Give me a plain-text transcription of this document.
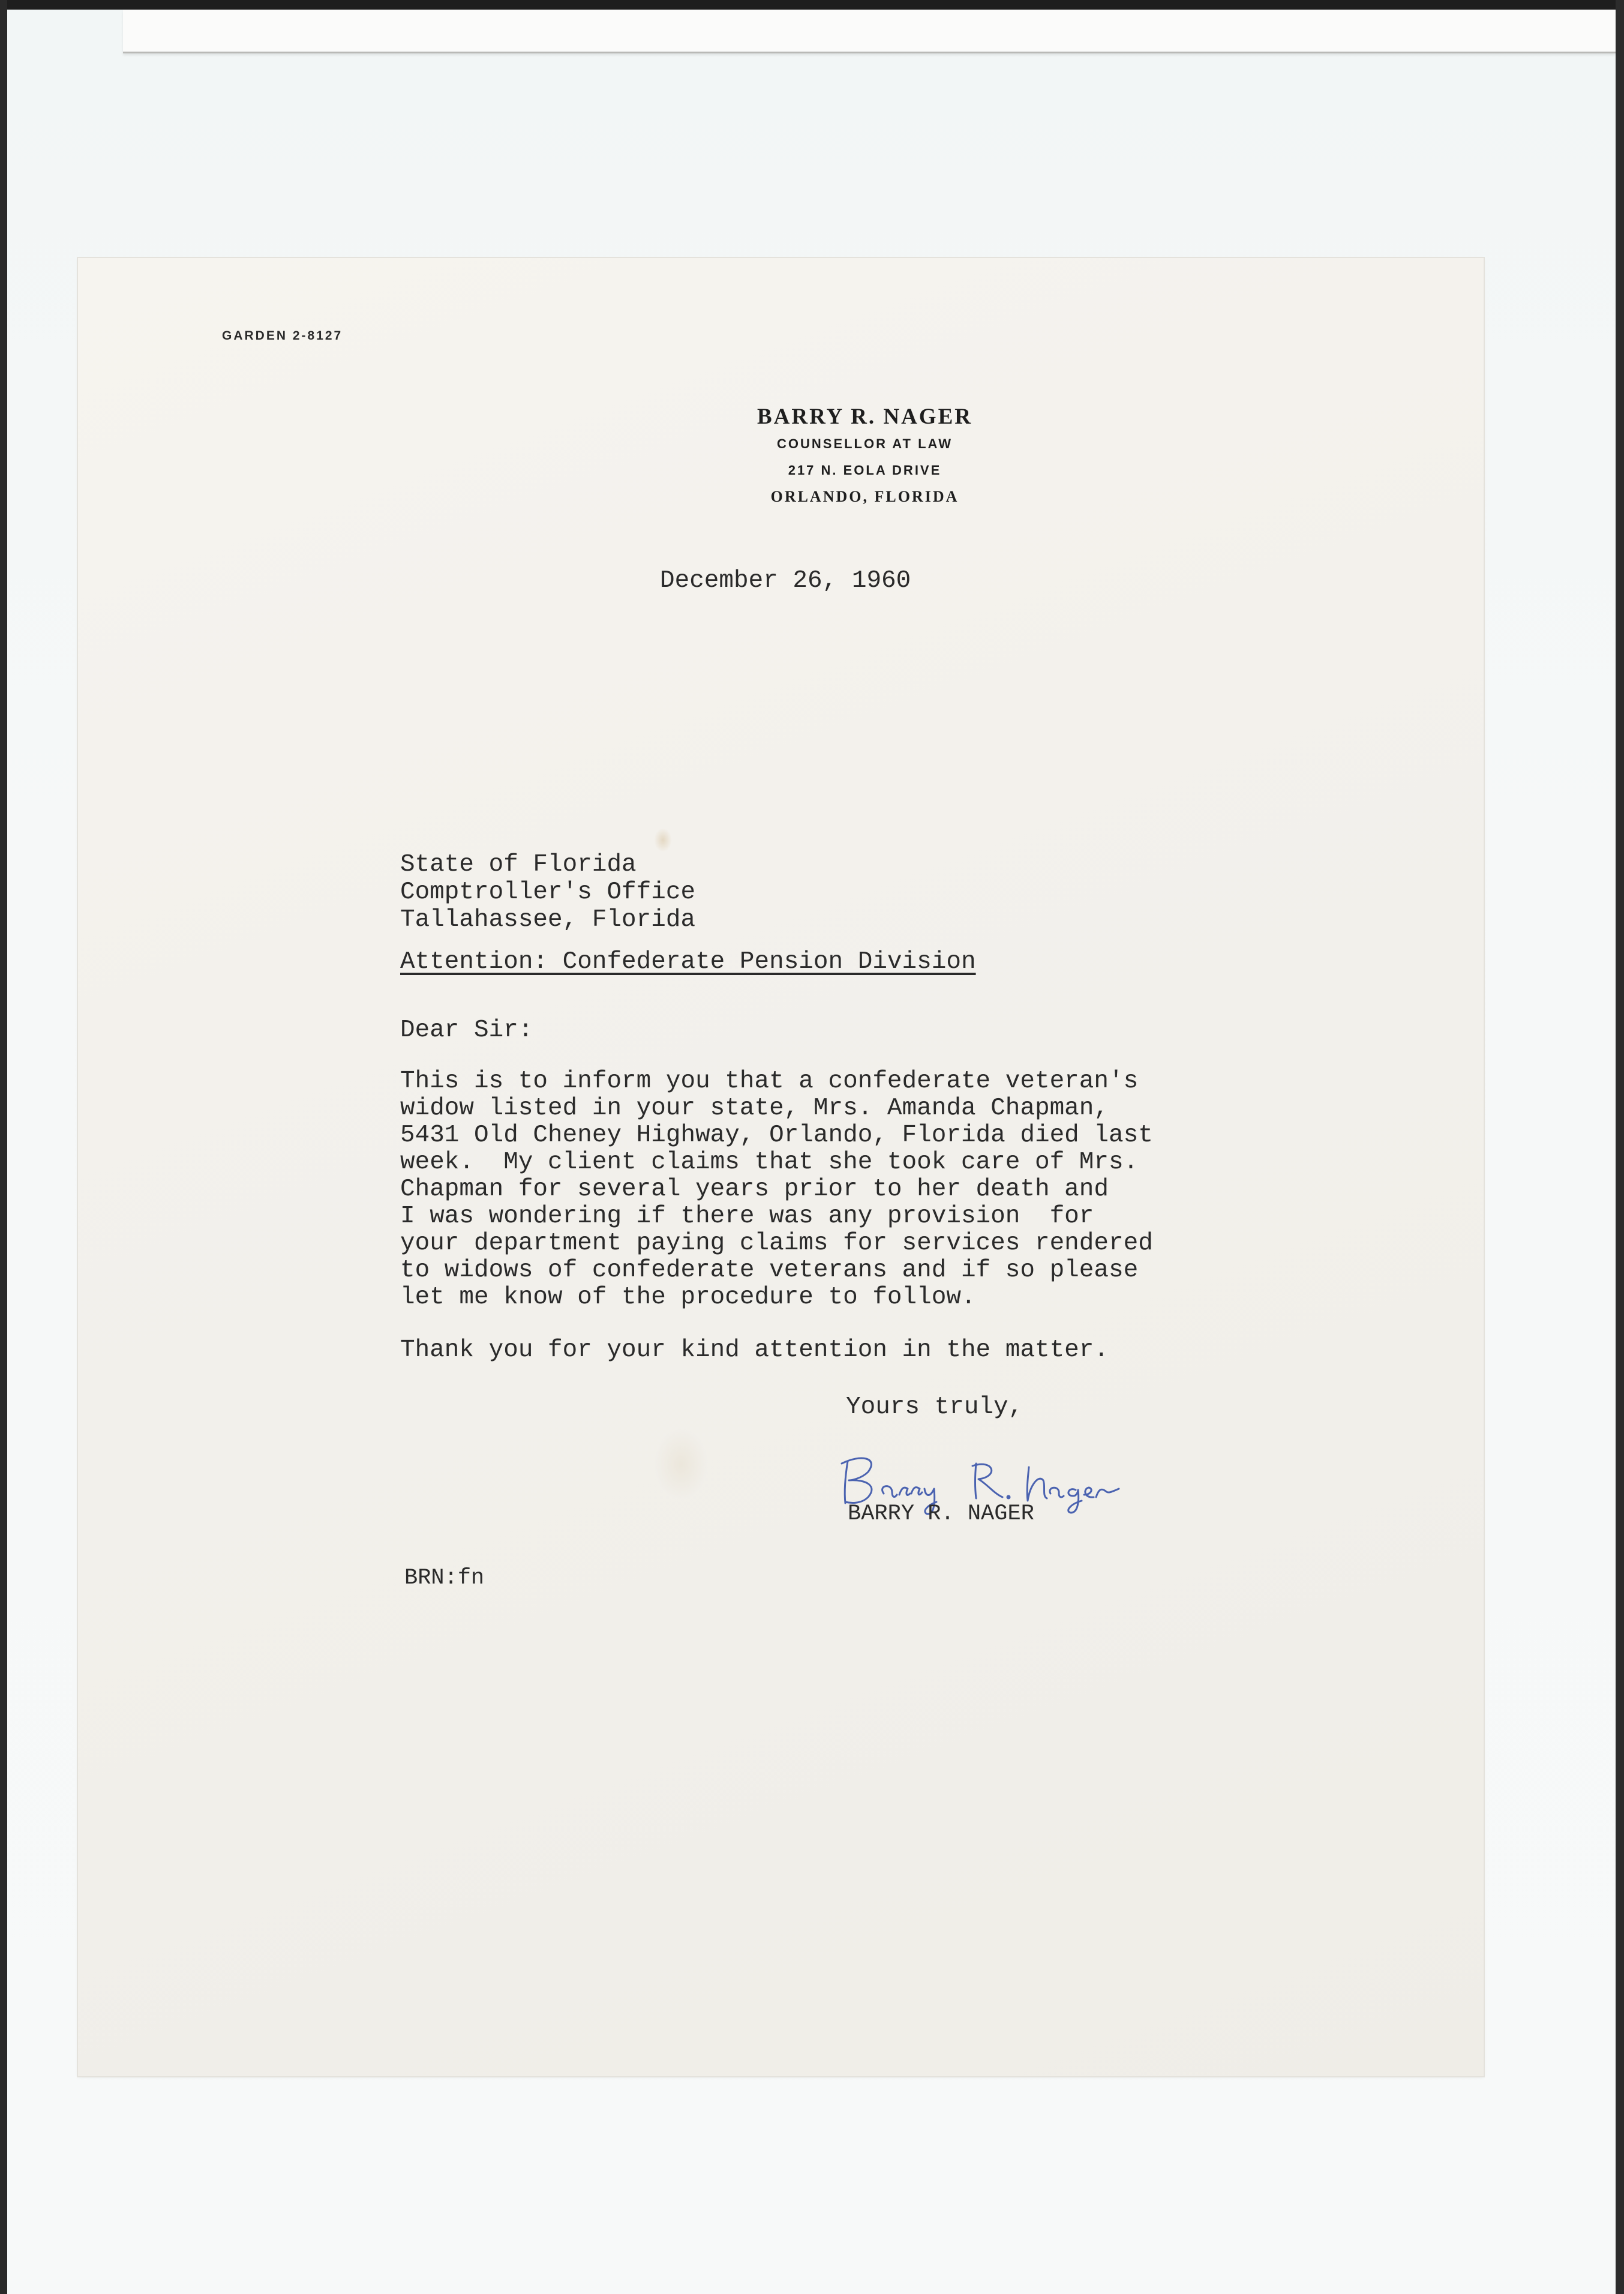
GARDEN 2-8127
BARRY R. NAGER
COUNSELLOR AT LAW
217 N. EOLA DRIVE
ORLANDO, FLORIDA
December 26, 1960
State of Florida
Comptroller's Office
Tallahassee, Florida
Attention: Confederate Pension Division
Dear Sir:
This is to inform you that a confederate veteran's
widow listed in your state, Mrs. Amanda Chapman,
5431 Old Cheney Highway, Orlando, Florida died last
week.  My client claims that she took care of Mrs.
Chapman for several years prior to her death and
I was wondering if there was any provision  for
your department paying claims for services rendered
to widows of confederate veterans and if so please
let me know of the procedure to follow.
Thank you for your kind attention in the matter.
Yours truly,
BARRY R. NAGER
BRN:fn
